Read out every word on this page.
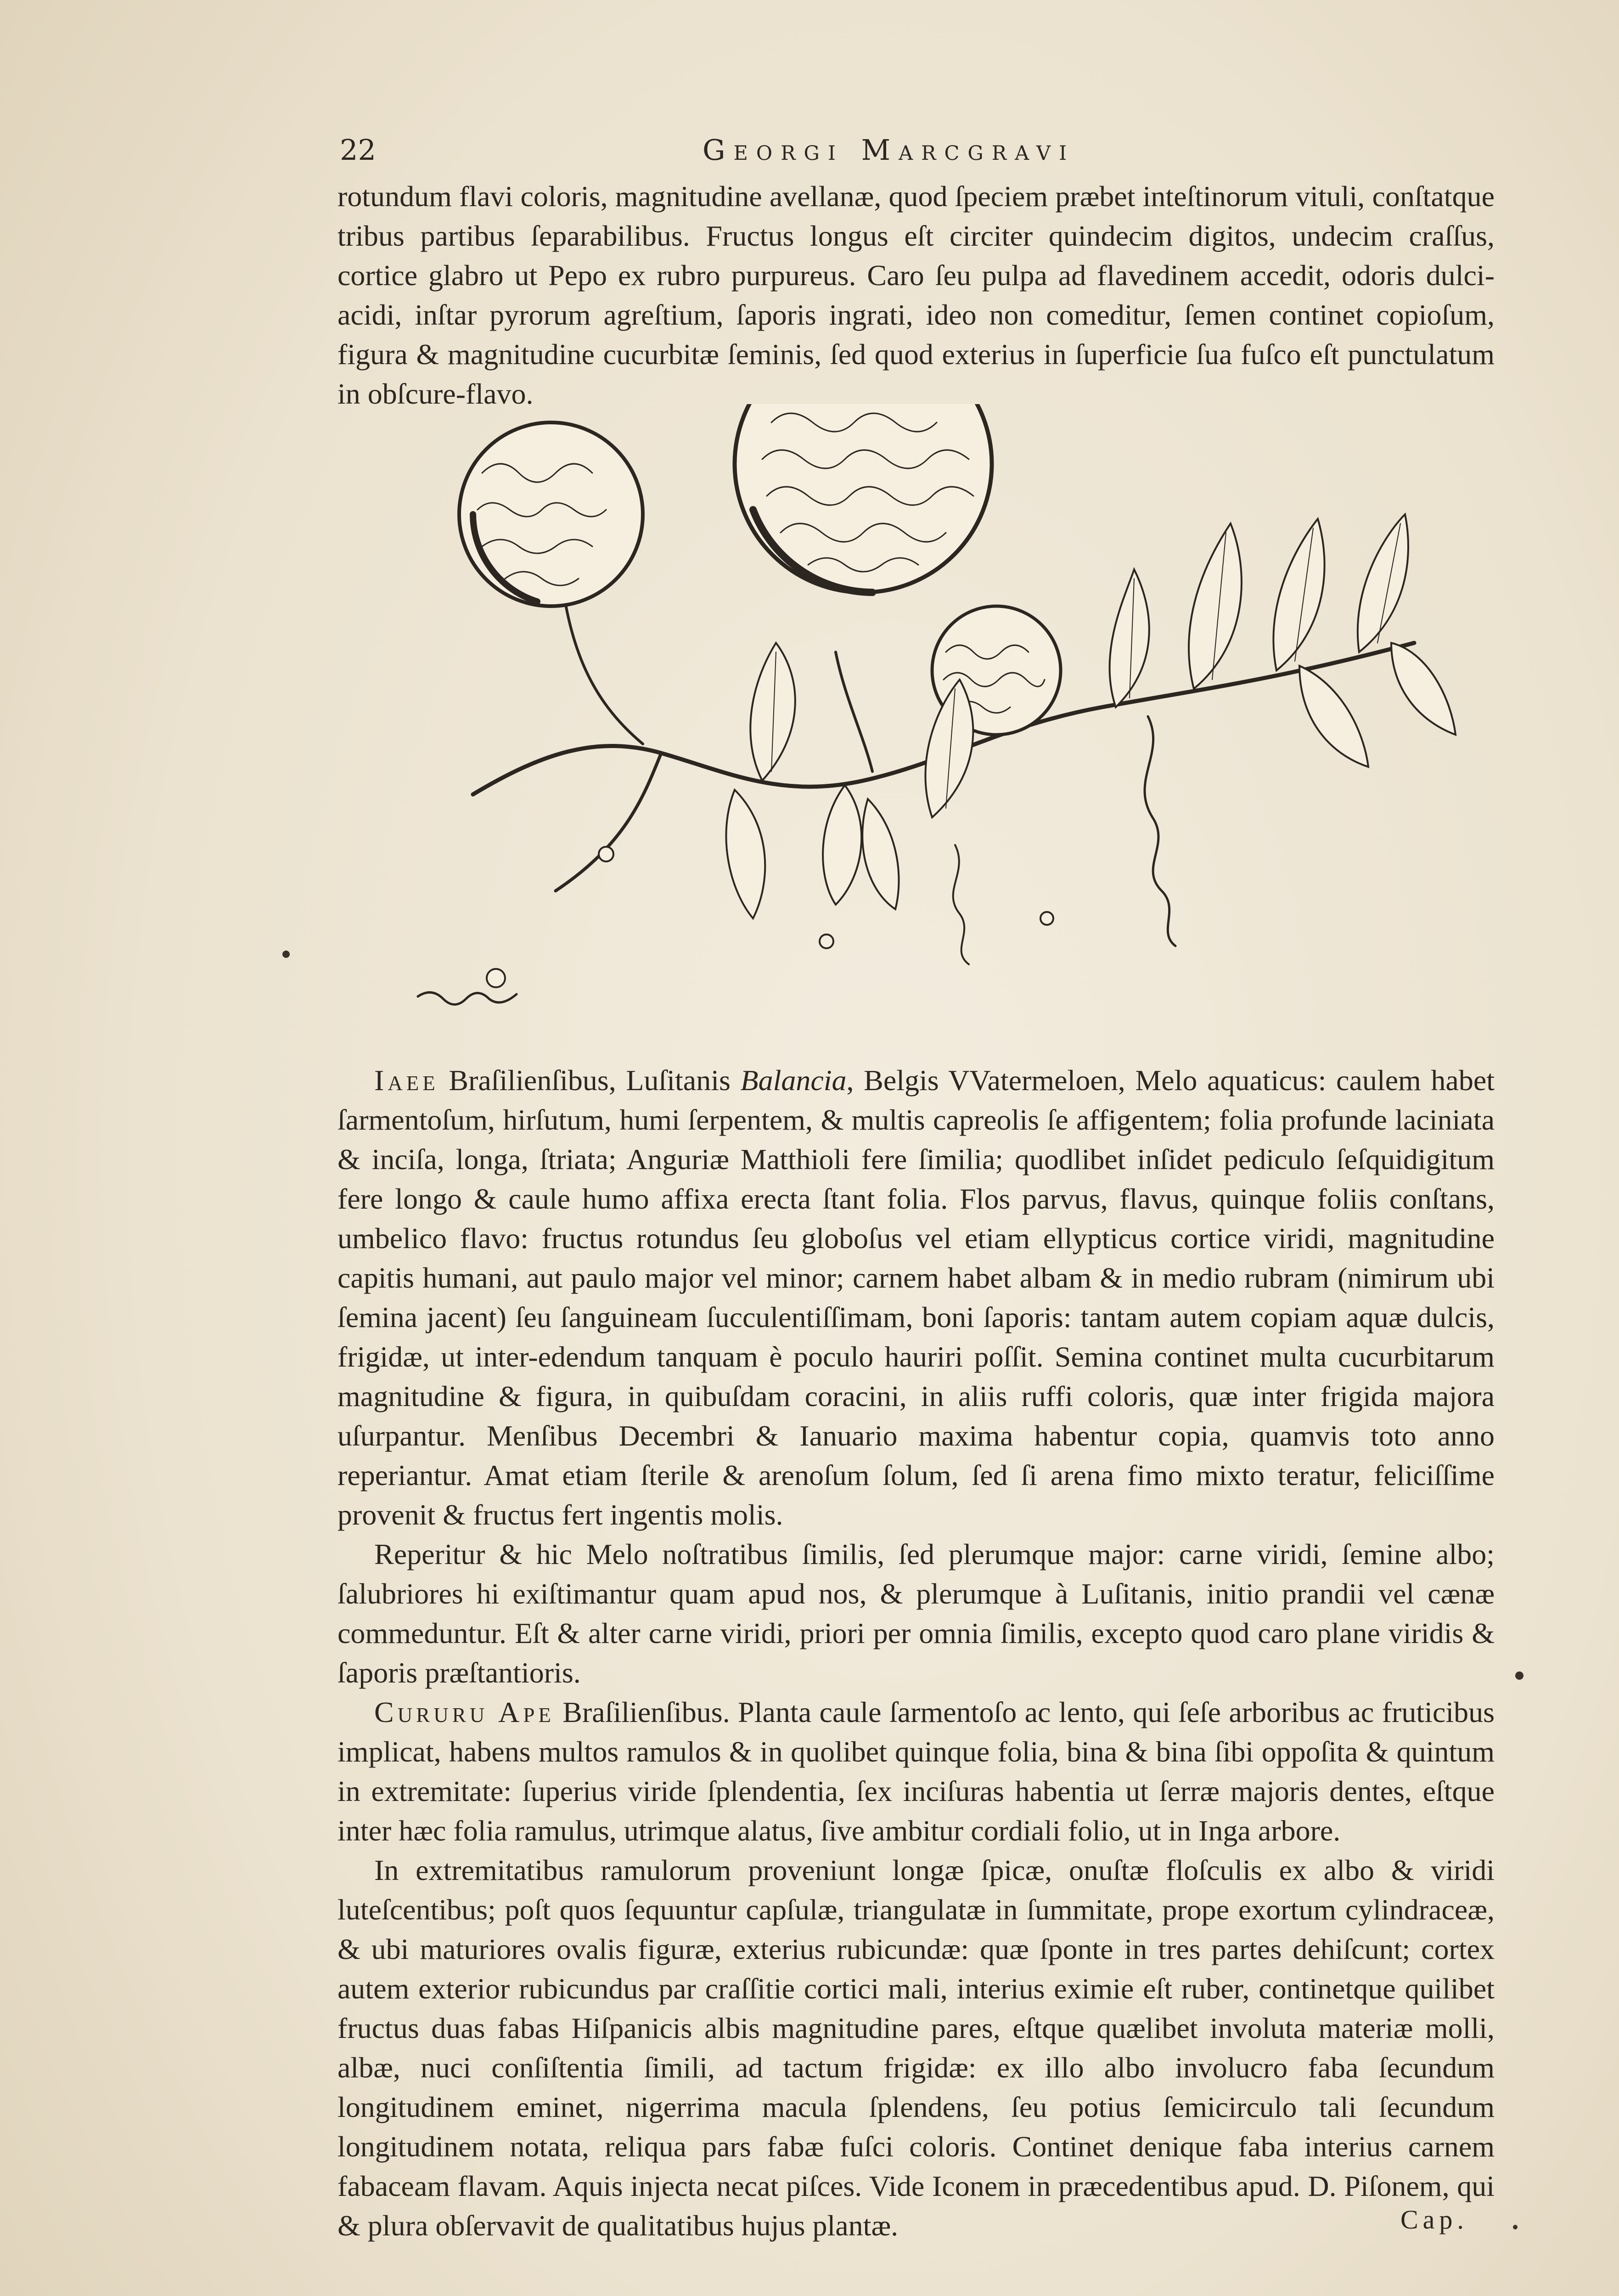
22	Georgi Marcgravi

rotundum flavi coloris, magnitudine avellanæ, quod ſpeciem præbet inteſtinorum vituli, conſtatque tribus partibus ſeparabilibus. Fructus longus eſt circiter quindecim digitos, undecim craſſus, cortice glabro ut Pepo ex rubro purpureus. Caro ſeu pulpa ad flavedinem accedit, odoris dulci-acidi, inſtar pyrorum agreſtium, ſaporis ingrati, ideo non comeditur, ſemen continet copioſum, figura & magnitudine cucurbitæ ſeminis, ſed quod exterius in ſuperficie ſua fuſco eſt punctulatum in obſcure-flavo.

Iaee Braſilienſibus, Luſitanis Balancia, Belgis VVatermeloen, Melo aquaticus: caulem habet ſarmentoſum, hirſutum, humi ſerpentem, & multis capreolis ſe affigentem; folia profunde laciniata & inciſa, longa, ſtriata; Anguriæ Matthioli fere ſimilia; quodlibet inſidet pediculo ſeſquidigitum fere longo & caule humo affixa erecta ſtant folia. Flos parvus, flavus, quinque foliis conſtans, umbelico flavo: fructus rotundus ſeu globoſus vel etiam ellypticus cortice viridi, magnitudine capitis humani, aut paulo major vel minor; carnem habet albam & in medio rubram (nimirum ubi ſemina jacent) ſeu ſanguineam ſucculentiſſimam, boni ſaporis: tantam autem copiam aquæ dulcis, frigidæ, ut inter-edendum tanquam è poculo hauriri poſſit. Semina continet multa cucurbitarum magnitudine & figura, in quibuſdam coracini, in aliis ruffi coloris, quæ inter frigida majora uſurpantur. Menſibus Decembri & Ianuario maxima habentur copia, quamvis toto anno reperiantur. Amat etiam ſterile & arenoſum ſolum, ſed ſi arena fimo mixto teratur, feliciſſime provenit & fructus fert ingentis molis.

Reperitur & hic Melo noſtratibus ſimilis, ſed plerumque major: carne viridi, ſemine albo; ſalubriores hi exiſtimantur quam apud nos, & plerumque à Luſitanis, initio prandii vel cænæ commeduntur. Eſt & alter carne viridi, priori per omnia ſimilis, excepto quod caro plane viridis & ſaporis præſtantioris.

Cururu Ape Braſilienſibus. Planta caule ſarmentoſo ac lento, qui ſeſe arboribus ac fruticibus implicat, habens multos ramulos & in quolibet quinque folia, bina & bina ſibi oppoſita & quintum in extremitate: ſuperius viride ſplendentia, ſex inciſuras habentia ut ſerræ majoris dentes, eſtque inter hæc folia ramulus, utrimque alatus, ſive ambitur cordiali folio, ut in Inga arbore.

In extremitatibus ramulorum proveniunt longæ ſpicæ, onuſtæ floſculis ex albo & viridi luteſcentibus; poſt quos ſequuntur capſulæ, triangulatæ in ſummitate, prope exortum cylindraceæ, & ubi maturiores ovalis figuræ, exterius rubicundæ: quæ ſponte in tres partes dehiſcunt; cortex autem exterior rubicundus par craſſitie cortici mali, interius eximie eſt ruber, continetque quilibet fructus duas fabas Hiſpanicis albis magnitudine pares, eſtque quælibet involuta materiæ molli, albæ, nuci conſiſtentia ſimili, ad tactum frigidæ: ex illo albo involucro faba ſecundum longitudinem eminet, nigerrima macula ſplendens, ſeu potius ſemicirculo tali ſecundum longitudinem notata, reliqua pars fabæ fuſci coloris. Continet denique faba interius carnem fabaceam flavam. Aquis injecta necat piſces. Vide Iconem in præcedentibus apud. D. Piſonem, qui & plura obſervavit de qualitatibus hujus plantæ.	Cap.
